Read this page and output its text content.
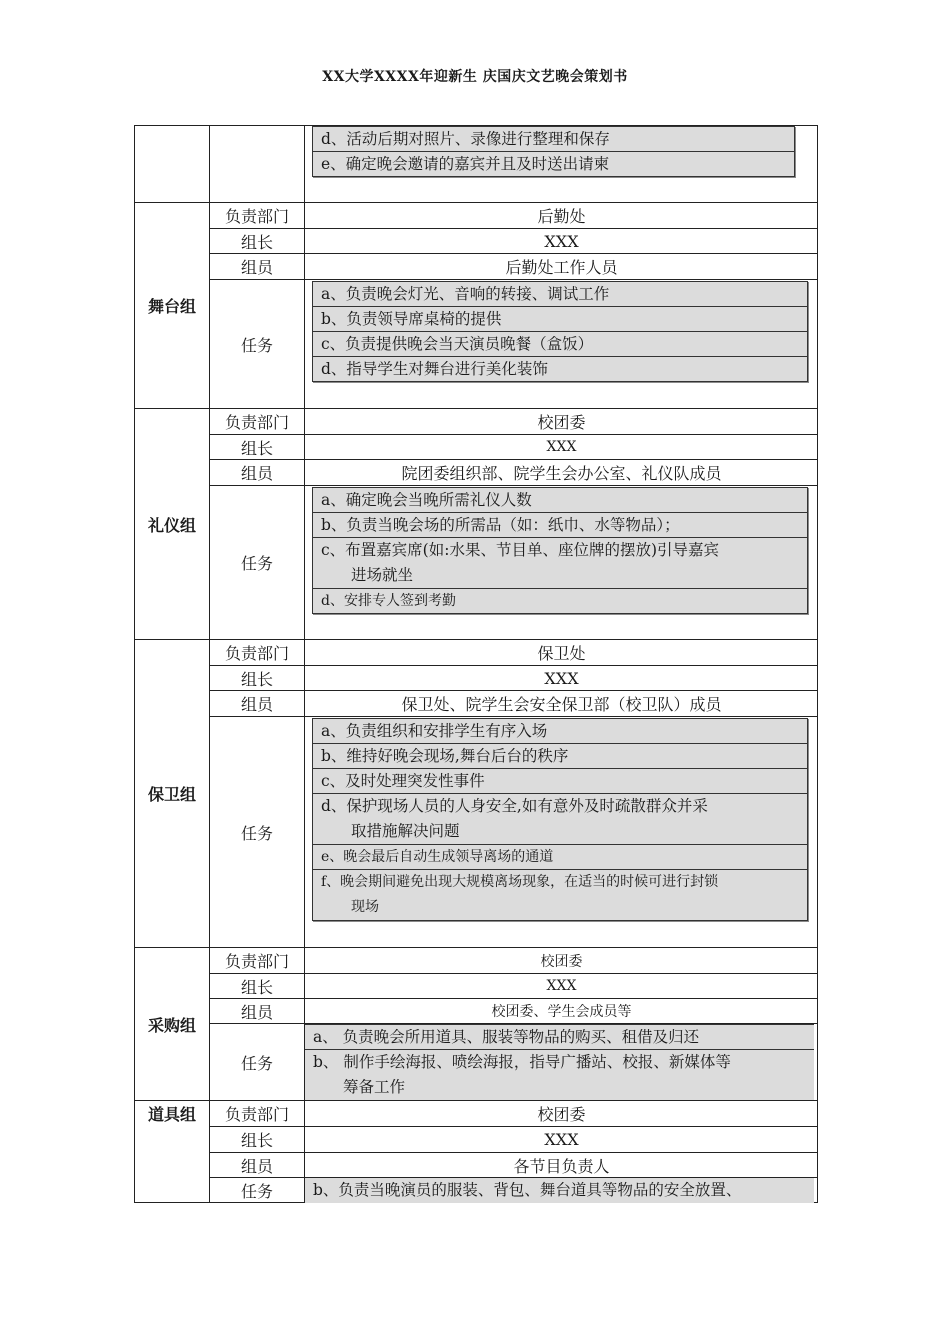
XX大学XXXX年迎新生 庆国庆文艺晚会策划书
d、活动后期对照片、录像进行整理和保存
e、确定晚会邀请的嘉宾并且及时送出请柬
舞台组
负责部门	后勤处
组长	XXX
组员	后勤处工作人员
任务
a、负责晚会灯光、音响的转接、调试工作
b、负责领导席桌椅的提供
c、负责提供晚会当天演员晚餐（盒饭）
d、指导学生对舞台进行美化装饰
礼仪组
负责部门	校团委
组长	XXX
组员	院团委组织部、院学生会办公室、礼仪队成员
任务
a、确定晚会当晚所需礼仪人数
b、负责当晚会场的所需品（如：纸巾、水等物品）；
c、布置嘉宾席(如:水果、节目单、座位牌的摆放)引导嘉宾
进场就坐
d、安排专人签到考勤
保卫组
负责部门	保卫处
组长	XXX
组员	保卫处、院学生会安全保卫部（校卫队）成员
任务
a、负责组织和安排学生有序入场
b、维持好晚会现场,舞台后台的秩序
c、及时处理突发性事件
d、保护现场人员的人身安全,如有意外及时疏散群众并采
取措施解决问题
e、晚会最后自动生成领导离场的通道
f、晚会期间避免出现大规模离场现象，在适当的时候可进行封锁
现场
采购组
负责部门	校团委
组长	XXX
组员	校团委、学生会成员等
任务
a、 负责晚会所用道具、服装等物品的购买、租借及归还
b、 制作手绘海报、喷绘海报，指导广播站、校报、新媒体等
筹备工作
道具组	负责部门	校团委
组长	XXX
组员	各节目负责人
任务	b、负责当晚演员的服装、背包、舞台道具等物品的安全放置、
